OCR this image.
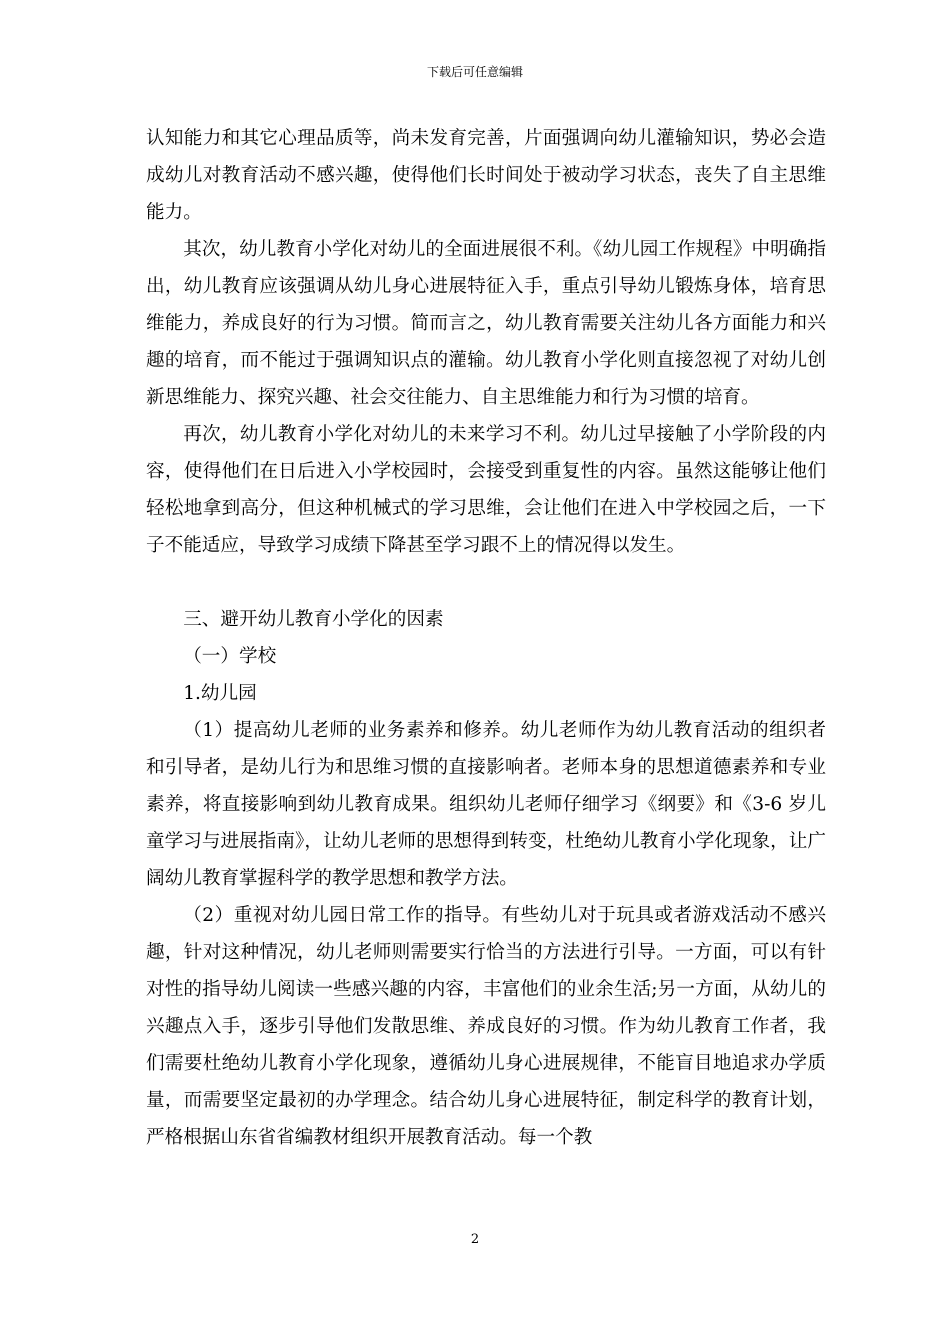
下载后可任意编辑

认知能力和其它心理品质等，尚未发育完善，片面强调向幼儿灌输知识，势必会造成幼儿对教育活动不感兴趣，使得他们长时间处于被动学习状态，丧失了自主思维能力。

其次，幼儿教育小学化对幼儿的全面进展很不利。《幼儿园工作规程》中明确指出，幼儿教育应该强调从幼儿身心进展特征入手，重点引导幼儿锻炼身体，培育思维能力，养成良好的行为习惯。简而言之，幼儿教育需要关注幼儿各方面能力和兴趣的培育，而不能过于强调知识点的灌输。幼儿教育小学化则直接忽视了对幼儿创新思维能力、探究兴趣、社会交往能力、自主思维能力和行为习惯的培育。

再次，幼儿教育小学化对幼儿的未来学习不利。幼儿过早接触了小学阶段的内容，使得他们在日后进入小学校园时，会接受到重复性的内容。虽然这能够让他们轻松地拿到高分，但这种机械式的学习思维，会让他们在进入中学校园之后，一下子不能适应，导致学习成绩下降甚至学习跟不上的情况得以发生。

三、避开幼儿教育小学化的因素

（一）学校

1.幼儿园

（1）提高幼儿老师的业务素养和修养。幼儿老师作为幼儿教育活动的组织者和引导者，是幼儿行为和思维习惯的直接影响者。老师本身的思想道德素养和专业素养，将直接影响到幼儿教育成果。组织幼儿老师仔细学习《纲要》和《3-6 岁儿童学习与进展指南》，让幼儿老师的思想得到转变，杜绝幼儿教育小学化现象，让广阔幼儿教育掌握科学的教学思想和教学方法。

（2）重视对幼儿园日常工作的指导。有些幼儿对于玩具或者游戏活动不感兴趣，针对这种情况，幼儿老师则需要实行恰当的方法进行引导。一方面，可以有针对性的指导幼儿阅读一些感兴趣的内容，丰富他们的业余生活;另一方面，从幼儿的兴趣点入手，逐步引导他们发散思维、养成良好的习惯。作为幼儿教育工作者，我们需要杜绝幼儿教育小学化现象，遵循幼儿身心进展规律，不能盲目地追求办学质量，而需要坚定最初的办学理念。结合幼儿身心进展特征，制定科学的教育计划，严格根据山东省省编教材组织开展教育活动。每一个教

2
